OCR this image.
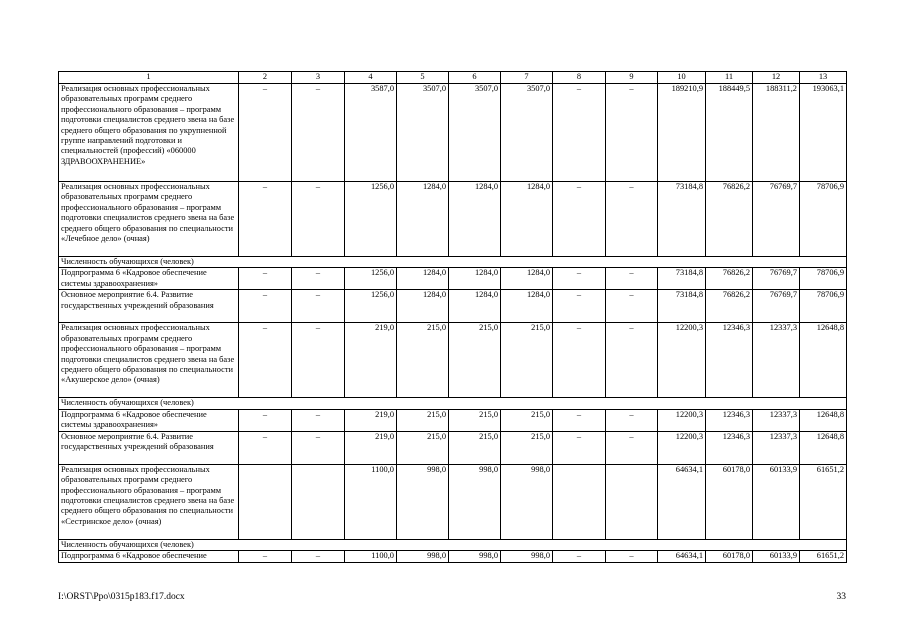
1	2	3	4	5	6	7	8	9	10	11	12	13
Реализация основных профессиональных образовательных программ среднего профессионального образования – программ подготовки специалистов среднего звена на базе среднего общего образования по укрупненной группе направлений подготовки и специальностей (профессий) «060000 ЗДРАВООХРАНЕНИЕ»	–	–	3587,0	3507,0	3507,0	3507,0	–	–	189210,9	188449,5	188311,2	193063,1
Реализация основных профессиональных образовательных программ среднего профессионального образования – программ подготовки специалистов среднего звена на базе среднего общего образования по специальности «Лечебное дело» (очная)	–	–	1256,0	1284,0	1284,0	1284,0	–	–	73184,8	76826,2	76769,7	78706,9
Численность обучающихся (человек)												
Подпрограмма 6 «Кадровое обеспечение системы здравоохранения»	–	–	1256,0	1284,0	1284,0	1284,0	–	–	73184,8	76826,2	76769,7	78706,9
Основное мероприятие 6.4. Развитие государственных учреждений образования	–	–	1256,0	1284,0	1284,0	1284,0	–	–	73184,8	76826,2	76769,7	78706,9
Реализация основных профессиональных образовательных программ среднего профессионального образования – программ подготовки специалистов среднего звена на базе среднего общего образования по специальности «Акушерское дело» (очная)	–	–	219,0	215,0	215,0	215,0	–	–	12200,3	12346,3	12337,3	12648,8
Численность обучающихся (человек)												
Подпрограмма 6 «Кадровое обеспечение системы здравоохранения»	–	–	219,0	215,0	215,0	215,0	–	–	12200,3	12346,3	12337,3	12648,8
Основное мероприятие 6.4. Развитие государственных учреждений образования	–	–	219,0	215,0	215,0	215,0	–	–	12200,3	12346,3	12337,3	12648,8
Реализация основных профессиональных образовательных программ среднего профессионального образования – программ подготовки специалистов среднего звена на базе среднего общего образования по специальности «Сестринское дело» (очная)			1100,0	998,0	998,0	998,0			64634,1	60178,0	60133,9	61651,2
Численность обучающихся (человек)												
Подпрограмма 6 «Кадровое обеспечение	–	–	1100,0	998,0	998,0	998,0	–	–	64634,1	60178,0	60133,9	61651,2
I:\ORST\Ppo\0315p183.f17.docx	33
